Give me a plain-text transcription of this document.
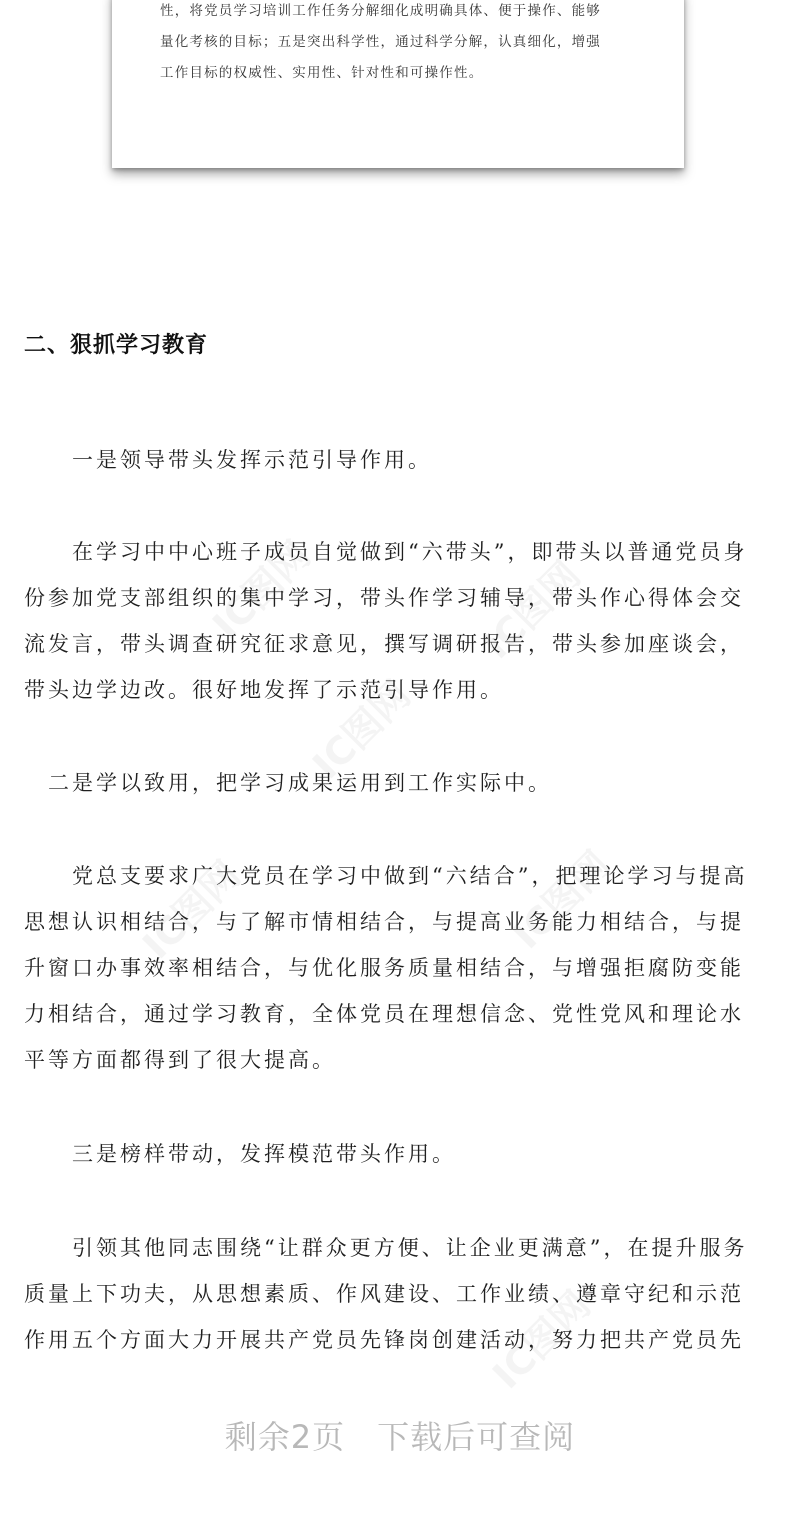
性，将党员学习培训工作任务分解细化成明确具体、便于操作、能够
量化考核的目标；五是突出科学性，通过科学分解，认真细化，增强
工作目标的权威性、实用性、针对性和可操作性。

IC图网	IC图网
IC图网
IC图网	IC图网
IC图网
二、狠抓学习教育

一是领导带头发挥示范引导作用。

在学习中中心班子成员自觉做到“六带头”，即带头以普通党员身
份参加党支部组织的集中学习，带头作学习辅导，带头作心得体会交
流发言，带头调查研究征求意见，撰写调研报告，带头参加座谈会，
带头边学边改。很好地发挥了示范引导作用。

二是学以致用，把学习成果运用到工作实际中。

党总支要求广大党员在学习中做到“六结合”，把理论学习与提高
思想认识相结合，与了解市情相结合，与提高业务能力相结合，与提
升窗口办事效率相结合，与优化服务质量相结合，与增强拒腐防变能
力相结合，通过学习教育，全体党员在理想信念、党性党风和理论水
平等方面都得到了很大提高。

三是榜样带动，发挥模范带头作用。

引领其他同志围绕“让群众更方便、让企业更满意”，在提升服务
质量上下功夫，从思想素质、作风建设、工作业绩、遵章守纪和示范
作用五个方面大力开展共产党员先锋岗创建活动，努力把共产党员先

剩余2页 下载后可查阅
